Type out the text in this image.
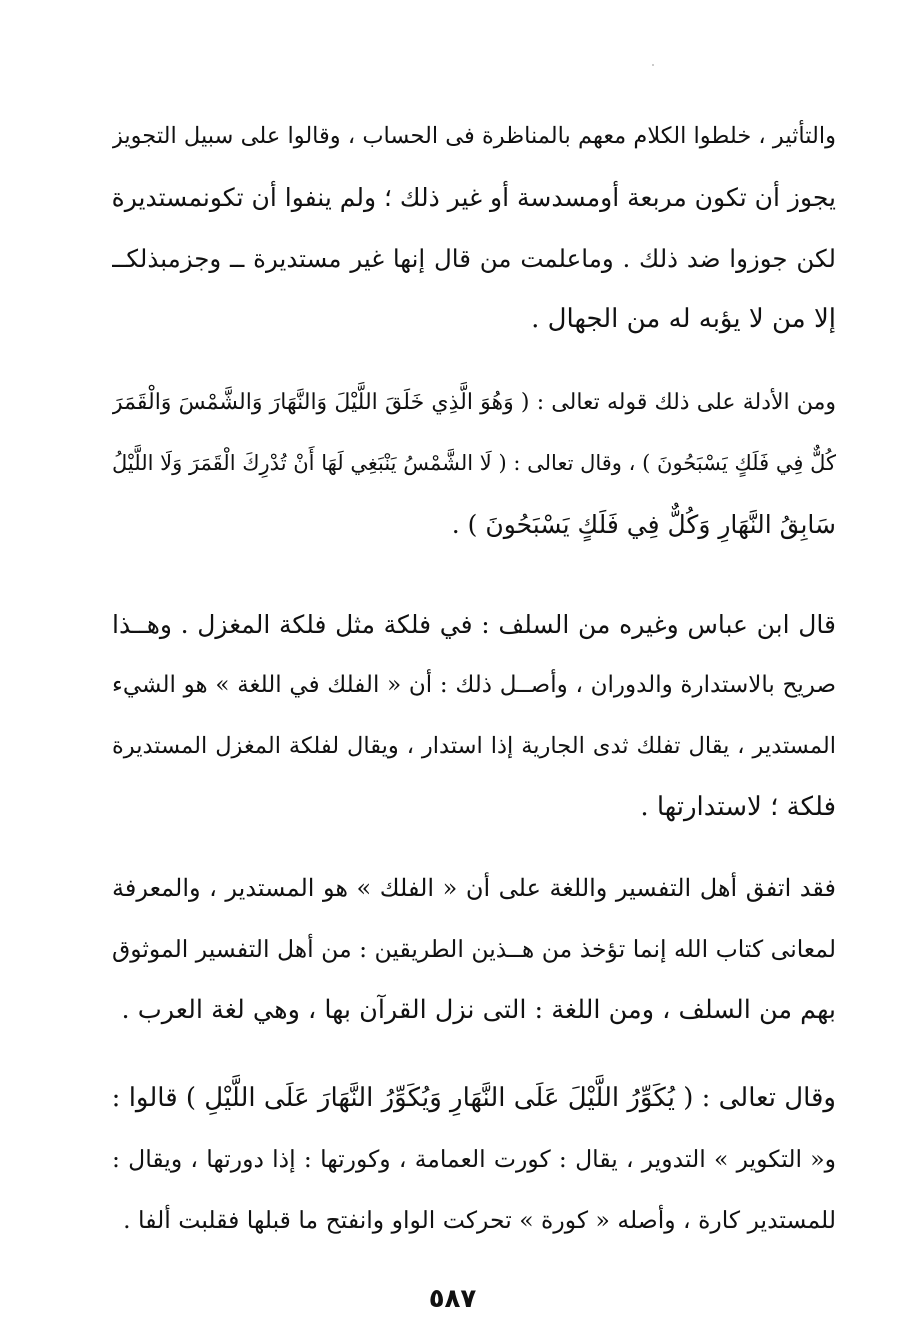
والتأثير ، خلطوا الكلام معهم بالمناظرة فى الحساب ، وقالوا على سبيل التجويز
يجوز أن تكون مربعة أومسدسة أو غير ذلك ؛ ولم ينفوا أن تكونمستديرة
لكن جوزوا ضد ذلك . وماعلمت من قال إنها غير مستديرة ــ وجزمبذلكــ
إلا من لا يؤبه له من الجهال .
ومن الأدلة على ذلك قوله تعالى : ( وَهُوَ الَّذِي خَلَقَ اللَّيْلَ وَالنَّهَارَ وَالشَّمْسَ وَالْقَمَرَ
كُلٌّ فِي فَلَكٍ يَسْبَحُونَ ) ، وقال تعالى : ( لَا الشَّمْسُ يَنْبَغِي لَهَا أَنْ تُدْرِكَ الْقَمَرَ وَلَا اللَّيْلُ
سَابِقُ النَّهَارِ وَكُلٌّ فِي فَلَكٍ يَسْبَحُونَ ) .
قال ابن عباس وغيره من السلف : في فلكة مثل فلكة المغزل . وهــذا
صريح بالاستدارة والدوران ، وأصــل ذلك : أن « الفلك في اللغة » هو الشيء
المستدير ، يقال تفلك ثدى الجارية إذا استدار ، ويقال لفلكة المغزل المستديرة
فلكة ؛ لاستدارتها .
فقد اتفق أهل التفسير واللغة على أن « الفلك » هو المستدير ، والمعرفة
لمعانى كتاب الله إنما تؤخذ من هــذين الطريقين : من أهل التفسير الموثوق
بهم من السلف ، ومن اللغة : التى نزل القرآن بها ، وهي لغة العرب .
وقال تعالى : ( يُكَوِّرُ اللَّيْلَ عَلَى النَّهَارِ وَيُكَوِّرُ النَّهَارَ عَلَى اللَّيْلِ ) قالوا :
و« التكوير » التدوير ، يقال : كورت العمامة ، وكورتها : إذا دورتها ، ويقال :
للمستدير كارة ، وأصله « كورة » تحركت الواو وانفتح ما قبلها فقلبت ألفا .
٥٨٧
